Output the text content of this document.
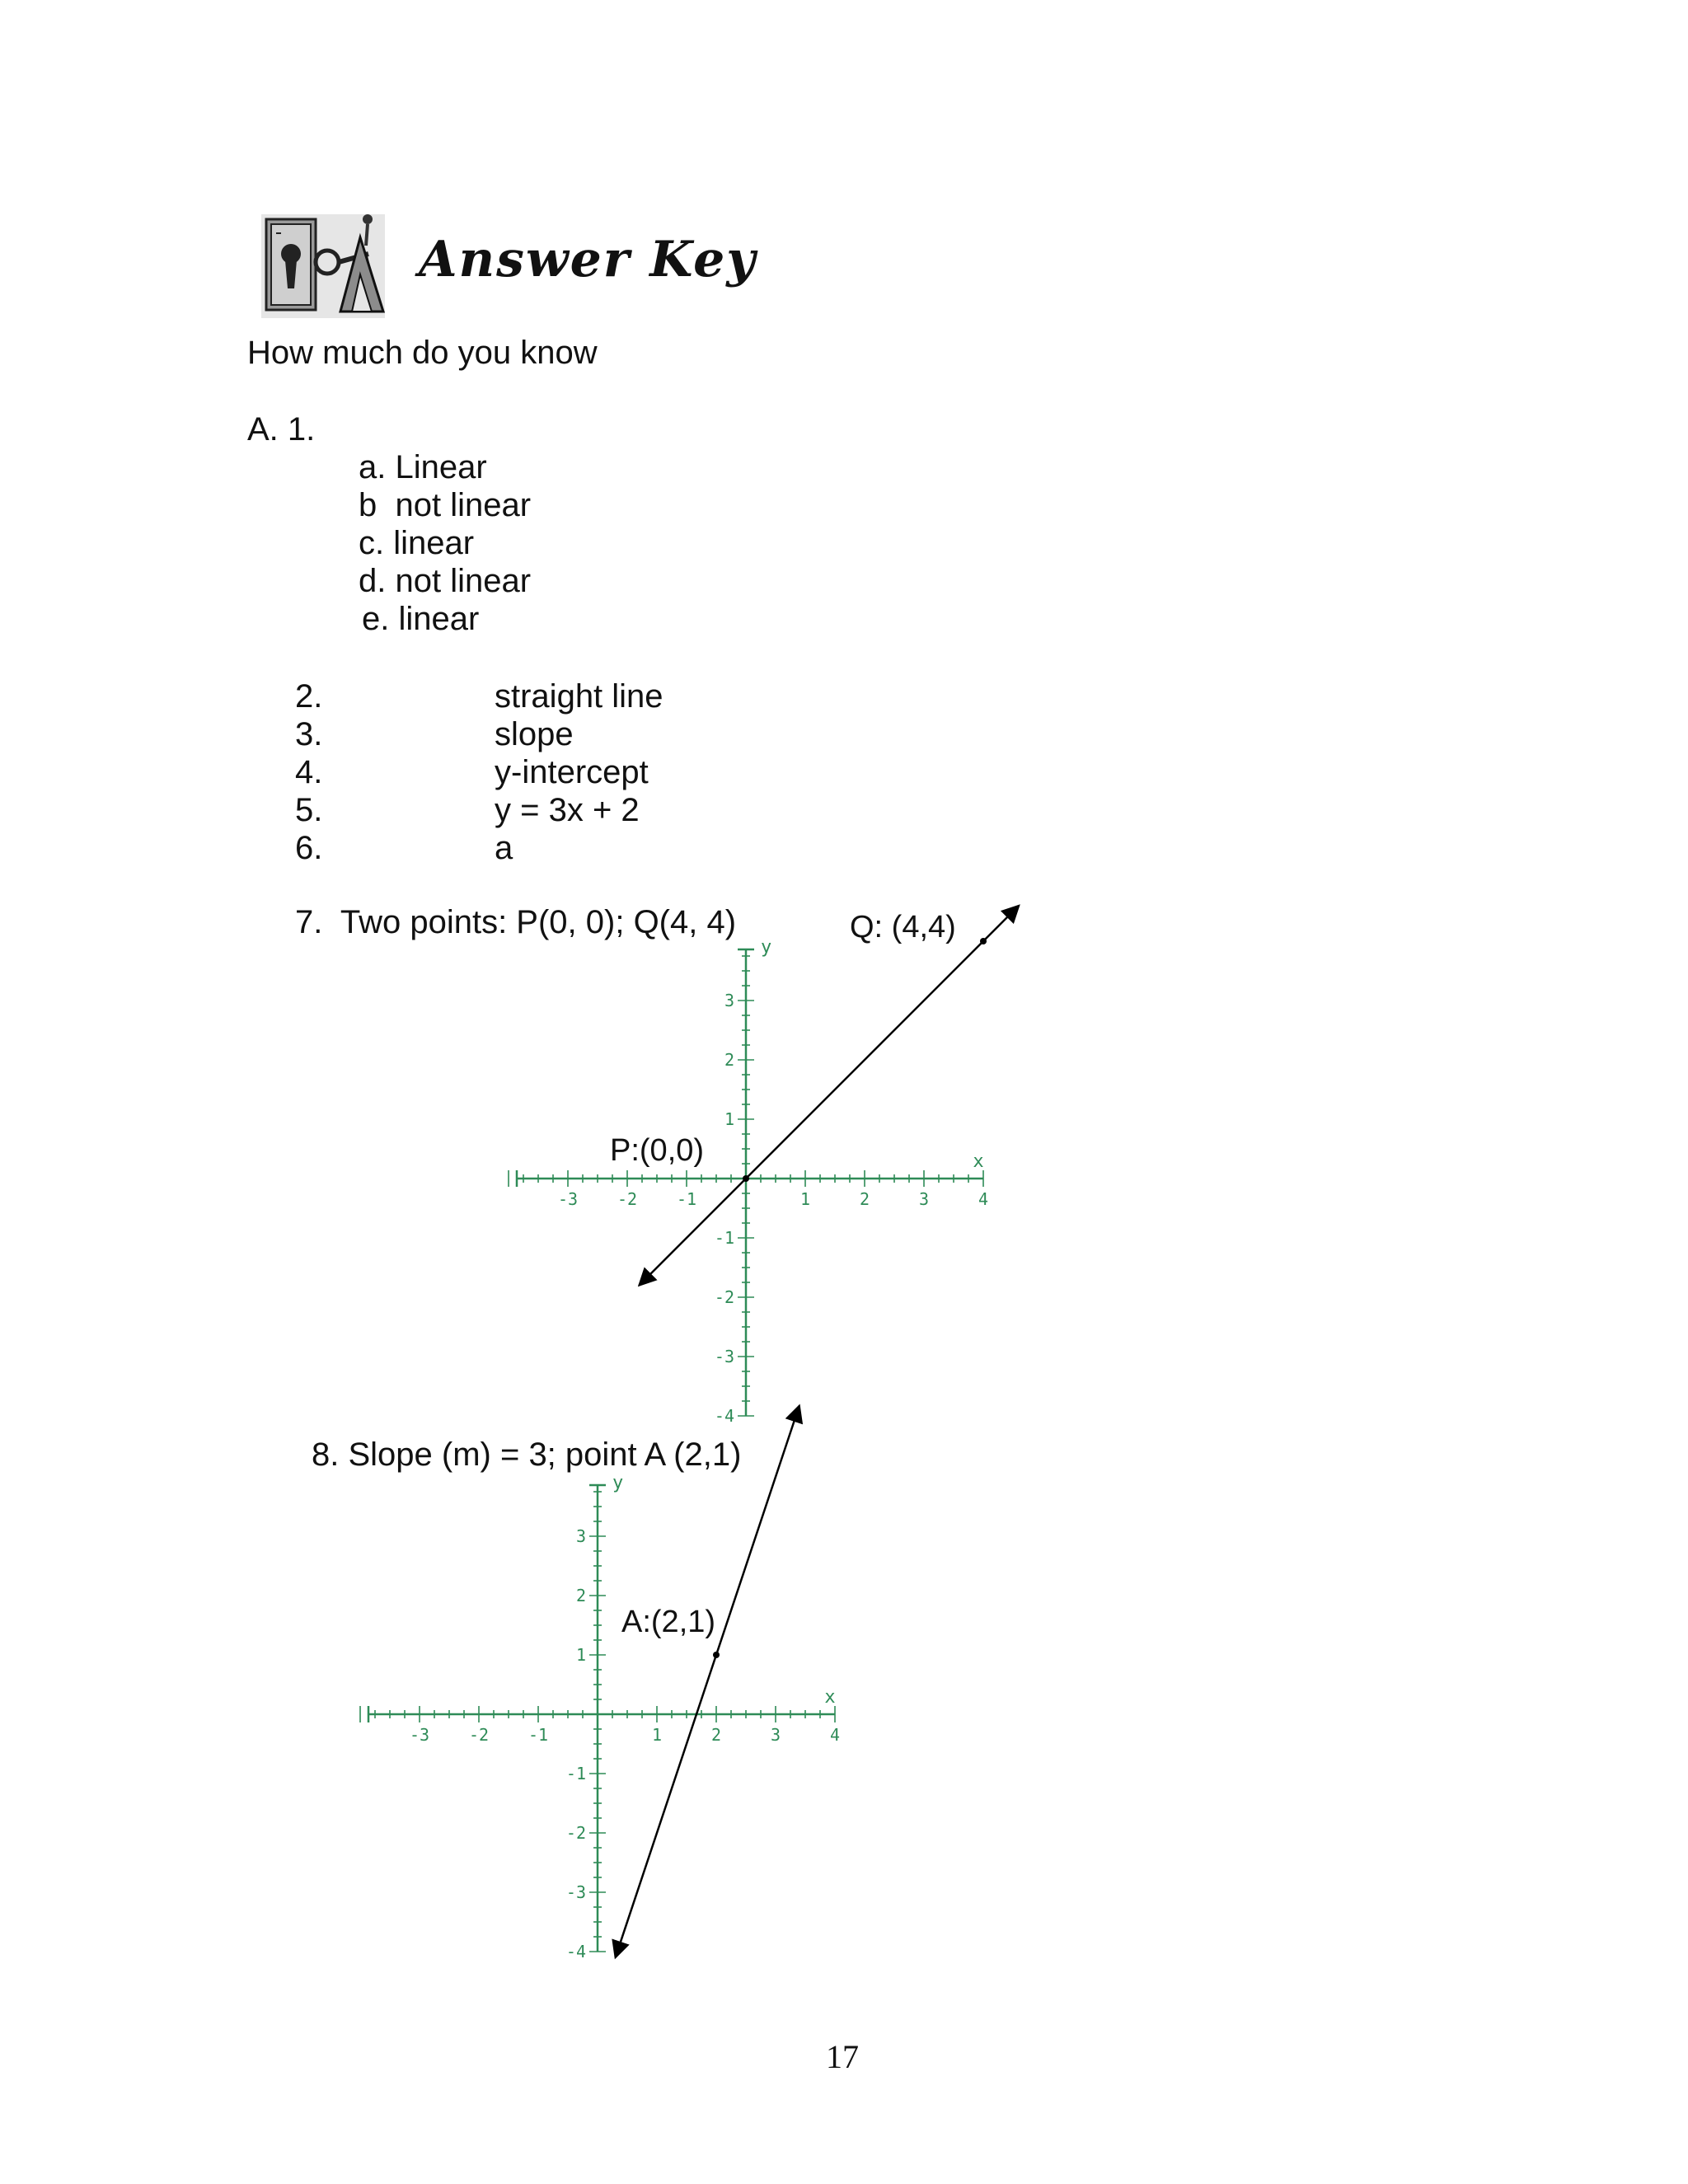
Answer Key
How much do you know
A. 1.
a. Linear
b  not linear
c. linear
d. not linear
e. linear
2.	straight line
3.	slope
4.	y-intercept
5.	y = 3x + 2
6.	a
7.  Two points: P(0, 0); Q(4, 4)
-3 -2 -1	1	2	3	4
3
2
1
-1
-2
-3
-4
x
y
P:(0,0)
Q: (4,4)
8. Slope (m) = 3; point A (2,1)
-3 -2 -1	1	2	3	4
3
2
1
-1
-2
-3
-4
x
y
A:(2,1)
17
